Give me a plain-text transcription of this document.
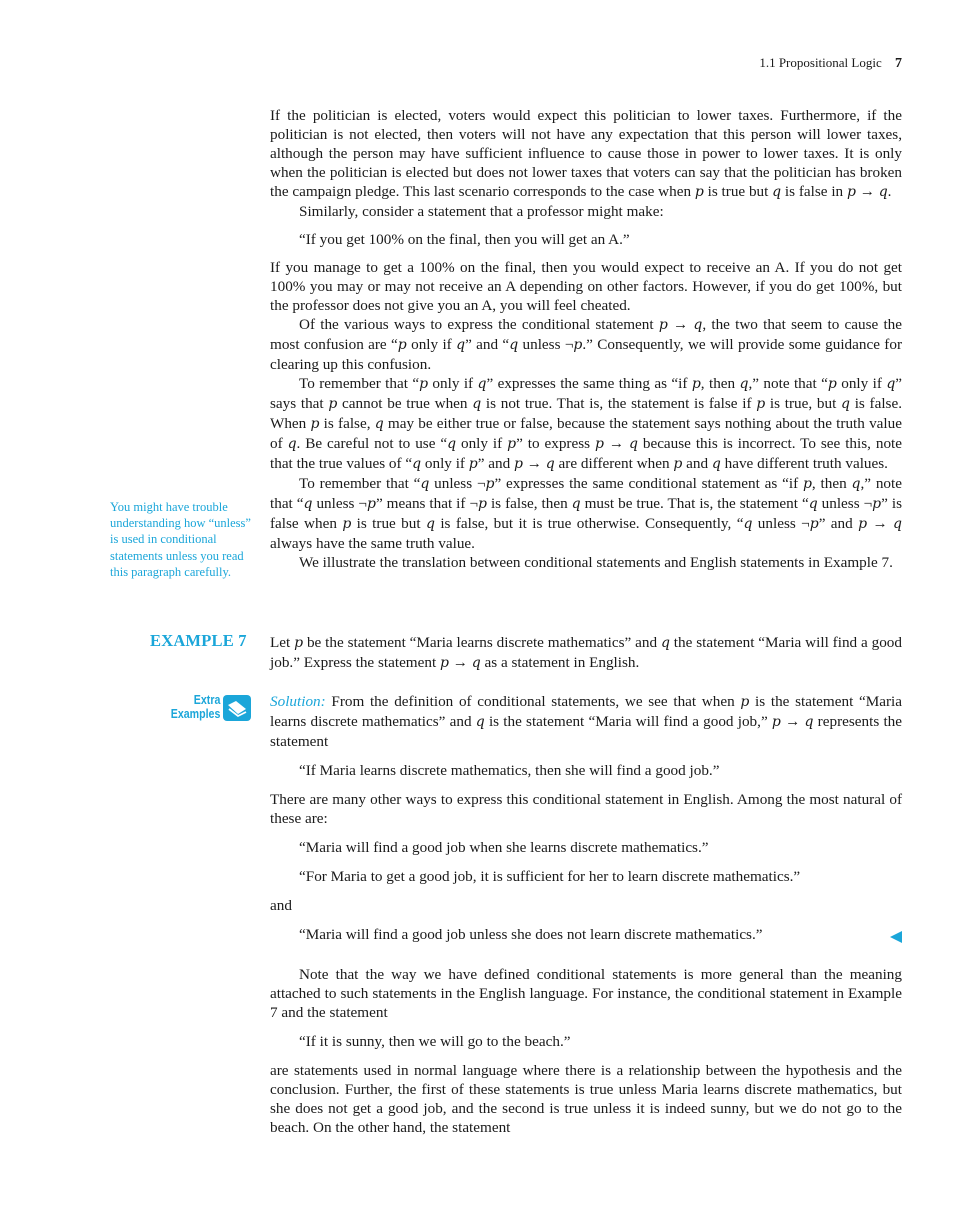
1.1 Propositional Logic 7
You might have trouble understanding how “unless” is used in conditional statements unless you read this paragraph carefully.
EXAMPLE 7
Extra
Examples

If the politician is elected, voters would expect this politician to lower taxes. Furthermore, if the politician is not elected, then voters will not have any expectation that this person will lower taxes, although the person may have sufficient influence to cause those in power to lower taxes. It is only when the politician is elected but does not lower taxes that voters can say that the politician has broken the campaign pledge. This last scenario corresponds to the case when p is true but q is false in p → q.

Similarly, consider a statement that a professor might make:

“If you get 100% on the final, then you will get an A.”

If you manage to get a 100% on the final, then you would expect to receive an A. If you do not get 100% you may or may not receive an A depending on other factors. However, if you do get 100%, but the professor does not give you an A, you will feel cheated.

Of the various ways to express the conditional statement p → q, the two that seem to cause the most confusion are “p only if q” and “q unless ¬p.” Consequently, we will provide some guidance for clearing up this confusion.

To remember that “p only if q” expresses the same thing as “if p, then q,” note that “p only if q” says that p cannot be true when q is not true. That is, the statement is false if p is true, but q is false. When p is false, q may be either true or false, because the statement says nothing about the truth value of q. Be careful not to use “q only if p” to express p → q because this is incorrect. To see this, note that the true values of “q only if p” and p → q are different when p and q have different truth values.

To remember that “q unless ¬p” expresses the same conditional statement as “if p, then q,” note that “q unless ¬p” means that if ¬p is false, then q must be true. That is, the statement “q unless ¬p” is false when p is true but q is false, but it is true otherwise. Consequently, “q unless ¬p” and p → q always have the same truth value.

We illustrate the translation between conditional statements and English statements in Example 7.

Let p be the statement “Maria learns discrete mathematics” and q the statement “Maria will find a good job.” Express the statement p → q as a statement in English.

Solution: From the definition of conditional statements, we see that when p is the statement “Maria learns discrete mathematics” and q is the statement “Maria will find a good job,” p → q represents the statement

“If Maria learns discrete mathematics, then she will find a good job.”

There are many other ways to express this conditional statement in English. Among the most natural of these are:

“Maria will find a good job when she learns discrete mathematics.”

“For Maria to get a good job, it is sufficient for her to learn discrete mathematics.”

and

“Maria will find a good job unless she does not learn discrete mathematics.”

Note that the way we have defined conditional statements is more general than the meaning attached to such statements in the English language. For instance, the conditional statement in Example 7 and the statement

“If it is sunny, then we will go to the beach.”

are statements used in normal language where there is a relationship between the hypothesis and the conclusion. Further, the first of these statements is true unless Maria learns discrete mathematics, but she does not get a good job, and the second is true unless it is indeed sunny, but we do not go to the beach. On the other hand, the statement
